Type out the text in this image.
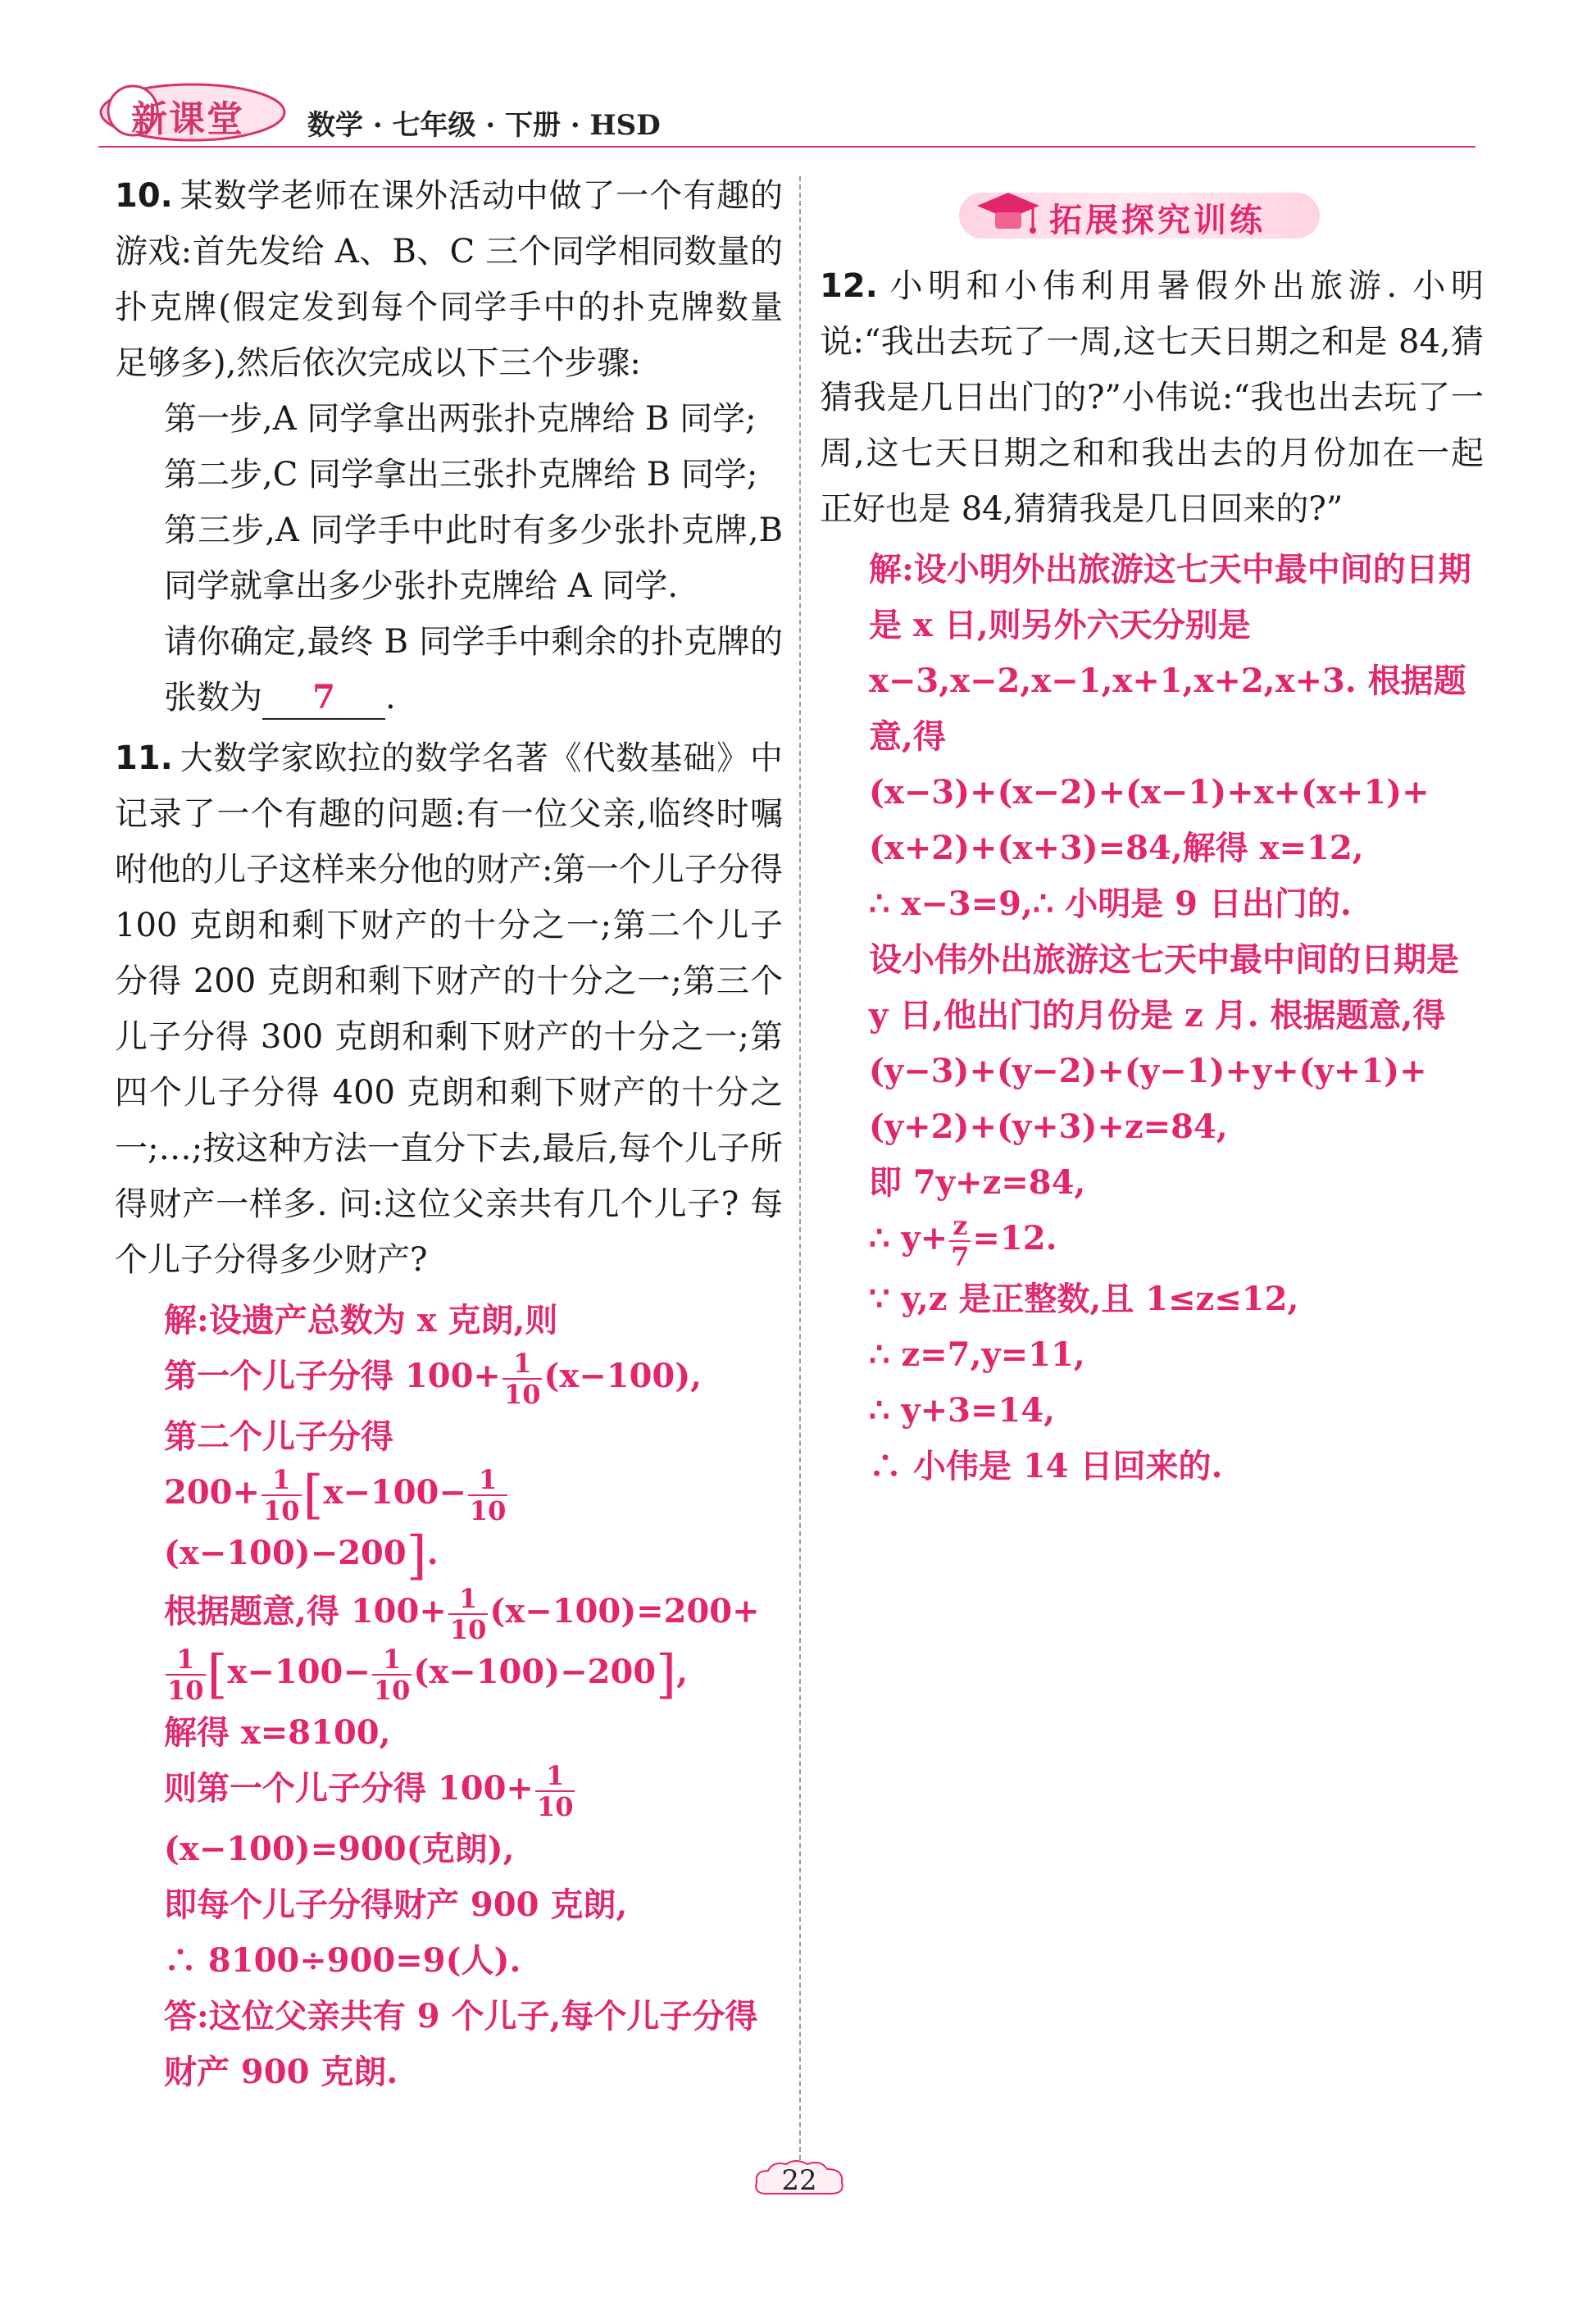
新课堂 数学 · 七年级 · 下册 · HSD
10. 某数学老师在课外活动中做了一个有趣的游戏:首先发给 A、B、C 三个同学相同数量的扑克牌(假定发到每个同学手中的扑克牌数量足够多),然后依次完成以下三个步骤:
第一步,A 同学拿出两张扑克牌给 B 同学;
第二步,C 同学拿出三张扑克牌给 B 同学;
第三步,A 同学手中此时有多少张扑克牌,B 同学就拿出多少张扑克牌给 A 同学.
请你确定,最终 B 同学手中剩余的扑克牌的张数为 7 .
11. 大数学家欧拉的数学名著《代数基础》中记录了一个有趣的问题:有一位父亲,临终时嘱咐他的儿子这样来分他的财产:第一个儿子分得 100 克朗和剩下财产的十分之一;第二个儿子分得 200 克朗和剩下财产的十分之一;第三个儿子分得 300 克朗和剩下财产的十分之一;第四个儿子分得 400 克朗和剩下财产的十分之一;…;按这种方法一直分下去,最后,每个儿子所得财产一样多. 问:这位父亲共有几个儿子? 每个儿子分得多少财产?
解:设遗产总数为 x 克朗,则
第一个儿子分得 $100+ \frac{1}{10} (x-100)$,
第二个儿子分得
$200+ \frac{1}{10} [x-100- \frac{1}{10}$
(x−100)−200].
根据题意,得 $100+ \frac{1}{10} (x-100)=200+$
$\frac{1}{10} [x-100- \frac{1}{10} (x-100)-200]$,
解得 x=8100,
则第一个儿子分得 $100+ \frac{1}{10}$
(x−100)=900(克朗),
即每个儿子分得财产 900 克朗,
∴ 8100÷900=9(人).
答:这位父亲共有 9 个儿子,每个儿子分得财产 900 克朗.
拓展探究训练
12. 小明和小伟利用暑假外出旅游. 小明说:“我出去玩了一周,这七天日期之和是 84,猜猜我是几日出门的?”小伟说:“我也出去玩了一周,这七天日期之和和我出去的月份加在一起正好也是 84,猜猜我是几日回来的?”
解:设小明外出旅游这七天中最中间的日期是 x 日,则另外六天分别是 x−3,x−2,x−1,x+1,x+2,x+3. 根据题意,得
(x−3)+(x−2)+(x−1)+x+(x+1)+(x+2)+(x+3)=84,解得 x=12,
∴ x−3=9,∴ 小明是 9 日出门的.
设小伟外出旅游这七天中最中间的日期是 y 日,他出门的月份是 z 月. 根据题意,得
(y−3)+(y−2)+(y−1)+y+(y+1)+(y+2)+(y+3)+z=84,
即 7y+z=84,
∴ $y+ \frac{z}{7} =12$.
∵ y,z 是正整数,且 1≤z≤12,
∴ z=7,y=11,
∴ y+3=14,
∴ 小伟是 14 日回来的.
22
